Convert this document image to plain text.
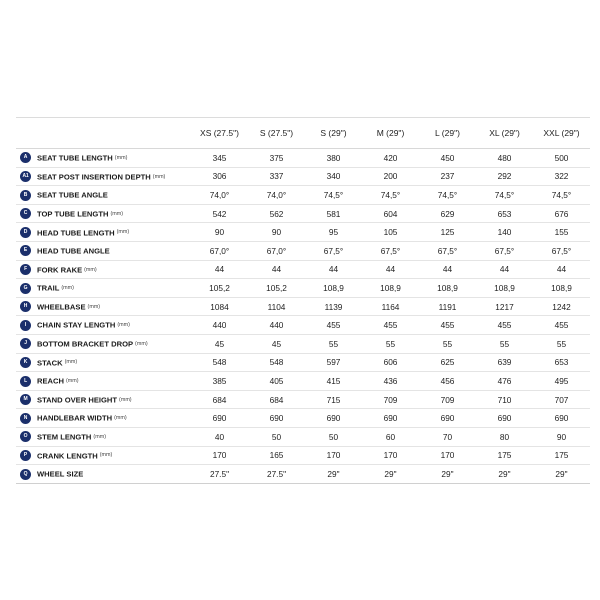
	XS (27.5")	S (27.5")	S (29")	M (29")	L (29")	XL (29")	XXL (29")
A SEAT TUBE LENGTH (mm)	345	375	380	420	450	480	500
A1 SEAT POST INSERTION DEPTH (mm)	306	337	340	200	237	292	322
B SEAT TUBE ANGLE	74,0°	74,0°	74,5°	74,5°	74,5°	74,5°	74,5°
C TOP TUBE LENGTH (mm)	542	562	581	604	629	653	676
D HEAD TUBE LENGTH (mm)	90	90	95	105	125	140	155
E HEAD TUBE ANGLE	67,0°	67,0°	67,5°	67,5°	67,5°	67,5°	67,5°
F FORK RAKE (mm)	44	44	44	44	44	44	44
G TRAIL (mm)	105,2	105,2	108,9	108,9	108,9	108,9	108,9
H WHEELBASE (mm)	1084	1104	1139	1164	1191	1217	1242
I CHAIN STAY LENGTH (mm)	440	440	455	455	455	455	455
J BOTTOM BRACKET DROP (mm)	45	45	55	55	55	55	55
K STACK (mm)	548	548	597	606	625	639	653
L REACH (mm)	385	405	415	436	456	476	495
M STAND OVER HEIGHT (mm)	684	684	715	709	709	710	707
N HANDLEBAR WIDTH (mm)	690	690	690	690	690	690	690
O STEM LENGTH (mm)	40	50	50	60	70	80	90
P CRANK LENGTH (mm)	170	165	170	170	170	175	175
Q WHEEL SIZE	27.5"	27.5"	29"	29"	29"	29"	29"
